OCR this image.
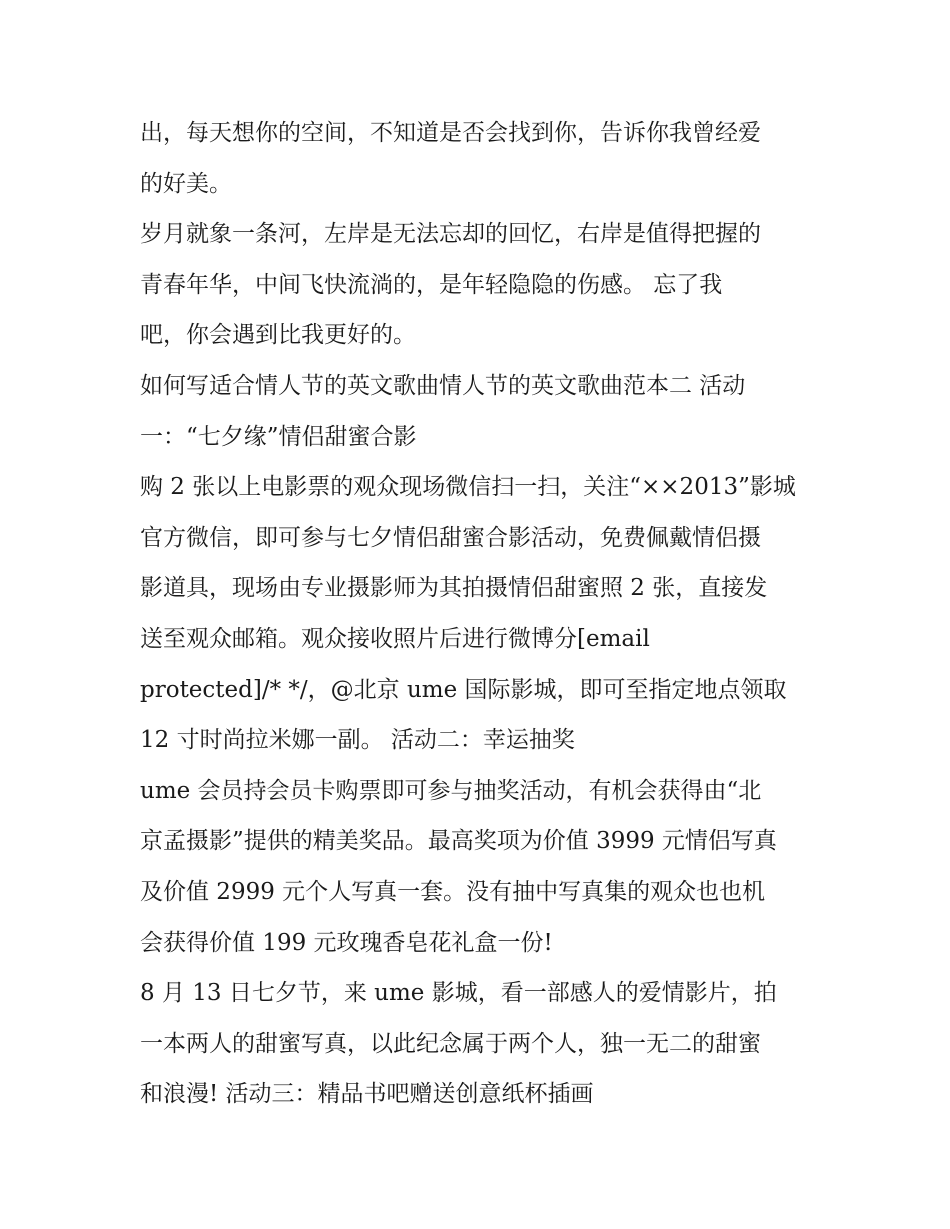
出，每天想你的空间，不知道是否会找到你，告诉你我曾经爱
的好美。
岁月就象一条河，左岸是无法忘却的回忆，右岸是值得把握的
青春年华，中间飞快流淌的，是年轻隐隐的伤感。 忘了我
吧，你会遇到比我更好的。
如何写适合情人节的英文歌曲情人节的英文歌曲范本二 活动
一：“七夕缘”情侣甜蜜合影
购 2 张以上电影票的观众现场微信扫一扫，关注“××2013”影城
官方微信，即可参与七夕情侣甜蜜合影活动，免费佩戴情侣摄
影道具，现场由专业摄影师为其拍摄情侣甜蜜照 2 张，直接发
送至观众邮箱。观众接收照片后进行微博分[email
protected]/* */，@北京 ume 国际影城，即可至指定地点领取
12 寸时尚拉米娜一副。 活动二：幸运抽奖
ume 会员持会员卡购票即可参与抽奖活动，有机会获得由“北
京孟摄影”提供的精美奖品。最高奖项为价值 3999 元情侣写真
及价值 2999 元个人写真一套。没有抽中写真集的观众也也机
会获得价值 199 元玫瑰香皂花礼盒一份!
8 月 13 日七夕节，来 ume 影城，看一部感人的爱情影片，拍
一本两人的甜蜜写真，以此纪念属于两个人，独一无二的甜蜜
和浪漫! 活动三：精品书吧赠送创意纸杯插画
